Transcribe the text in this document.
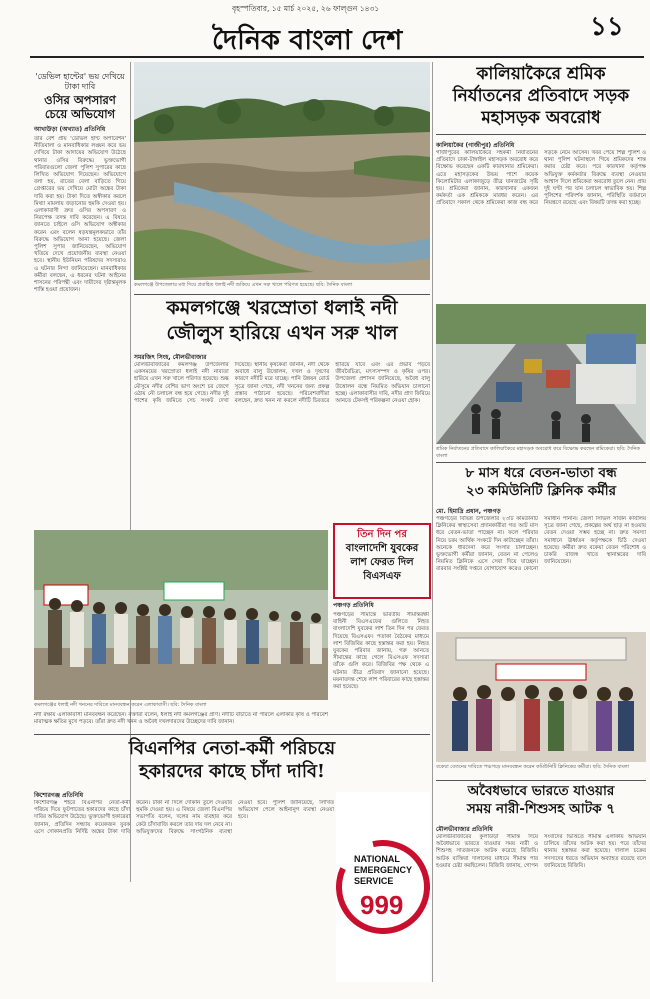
বৃহস্পতিবার, ১৫ মার্চ ২০২৫, ২৬ ফাল্গুন ১৪৩১
দৈনিক বাংলা দেশ	১১
'ডেভিল হান্টের' ভয় দেখিয়ে টাকা দাবি
ওসির অপসারণ চেয়ে অভিযোগ
আখাউড়া (অখ্যাত) প্রতিনিধি
তার বেশ প্রায় 'ডেভিল হান্ট অপারেশন' নীতিমালা ও মানবাধিকার লঙ্ঘন করে ভয় দেখিয়ে টাকা আদায়ের অভিযোগ উঠেছে থানার ওসির বিরুদ্ধে। ভুক্তভোগী পরিবারগুলো জেলা পুলিশ সুপারের কাছে লিখিত অভিযোগ দিয়েছেন। অভিযোগে বলা হয়, রাতের বেলা বাড়িতে গিয়ে গ্রেপ্তারের ভয় দেখিয়ে মোটা অঙ্কের টাকা দাবি করা হয়। টাকা দিতে অস্বীকার করলে মিথ্যা মামলায় জড়ানোর হুমকি দেওয়া হয়। এলাকাবাসী দ্রুত ওসির অপসারণ ও নিরপেক্ষ তদন্ত দাবি করেছেন। এ বিষয়ে জানতে চাইলে ওসি অভিযোগ অস্বীকার করেন এবং বলেন ষড়যন্ত্রমূলকভাবে তাঁর বিরুদ্ধে অভিযোগ আনা হয়েছে। জেলা পুলিশ সুপার জানিয়েছেন, অভিযোগ খতিয়ে দেখে প্রয়োজনীয় ব্যবস্থা নেওয়া হবে। স্থানীয় ইউনিয়ন পরিষদের সদস্যরাও এ ঘটনার নিন্দা জানিয়েছেন। মানবাধিকার কর্মীরা বলছেন, এ ধরনের ঘটনা আইনের শাসনের পরিপন্থী এবং দায়ীদের দৃষ্টান্তমূলক শাস্তি হওয়া প্রয়োজন।
কমলগঞ্জে উপজেলার মধ্য দিয়ে প্রবাহিত ধলাই নদী শুকিয়ে এখন সরু খালে পরিণত হয়েছে। ছবি: দৈনিক বাংলা
কমলগঞ্জে খরস্রোতা ধলাই নদী
জৌলুস হারিয়ে এখন সরু খাল
সমরজিৎ সিংহ, মৌলভীবাজার
মৌলভীবাজারের কমলগঞ্জ উপজেলার একসময়ের খরস্রোতা ধলাই নদী নাব্যতা হারিয়ে এখন সরু খালে পরিণত হয়েছে। শুষ্ক মৌসুমে নদীর বেশির ভাগ অংশে চর জেগে ওঠায় নৌ চলাচল বন্ধ হয়ে গেছে। নদীর দুই পাশের কৃষি জমিতে সেচ সংকট দেখা দিয়েছে। স্থানীয় কৃষকেরা জানান, নদী থেকে অবাধে বালু উত্তোলন, দখল ও দূষণের কারণে নদীটি মরে যাচ্ছে। পানি উন্নয়ন বোর্ড সূত্রে জানা গেছে, নদী খননের জন্য প্রকল্প প্রস্তাব পাঠানো হয়েছে। পরিবেশবাদীরা বলছেন, দ্রুত খনন না করলে নদীটি চিরতরে হারিয়ে যাবে এবং এর প্রভাব পড়বে জীববৈচিত্র্য, মৎস্যসম্পদ ও কৃষির ওপর। উপজেলা প্রশাসন জানিয়েছে, অবৈধ বালু উত্তোলন বন্ধে নিয়মিত অভিযান চালানো হচ্ছে। এলাকাবাসীর দাবি, নদীর প্রাণ ফিরিয়ে আনতে টেকসই পরিকল্পনা নেওয়া হোক।
তিন দিন পর
বাংলাদেশি যুবকের
লাশ ফেরত দিল
বিএসএফ
পঞ্চগড় প্রতিনিধি
পঞ্চগড়ের সীমান্তে ভারতীয় সীমান্তরক্ষী বাহিনী বিএসএফের গুলিতে নিহত বাংলাদেশি যুবকের লাশ তিন দিন পর ফেরত দিয়েছে বিএসএফ। পতাকা বৈঠকের মাধ্যমে লাশ বিজিবির কাছে হস্তান্তর করা হয়। নিহত যুবকের পরিবার জানায়, গরু আনতে সীমান্তের কাছে গেলে বিএসএফ সদস্যরা তাঁকে গুলি করে। বিজিবির পক্ষ থেকে এ ঘটনার তীব্র প্রতিবাদ জানানো হয়েছে। ময়নাতদন্ত শেষে লাশ পরিবারের কাছে হস্তান্তর করা হয়েছে।
কমলগঞ্জের ধলাই নদী খননের দাবিতে মানববন্ধন করেন এলাকাবাসী। ছবি: দৈনিক বাংলা
নদী রক্ষায় এলাকাবাসী মানববন্ধন করেছেন। বক্তারা বলেন, ধলাই নদী কমলগঞ্জের প্রাণ। নদীটি বাঁচাতে না পারলে এলাকার কৃষি ও পরিবেশ মারাত্মক ক্ষতির মুখে পড়বে। তাঁরা দ্রুত নদী খনন ও অবৈধ দখলদারদের উচ্ছেদের দাবি জানান।
বিএনপির নেতা-কর্মী পরিচয়ে
হকারদের কাছে চাঁদা দাবি!
কিশোরগঞ্জ প্রতিনিধি
কিশোরগঞ্জ শহরে বিএনপির নেতা-কর্মী পরিচয় দিয়ে ফুটপাতের হকারদের কাছে চাঁদা দাবির অভিযোগ উঠেছে। ভুক্তভোগী হকারেরা জানান, প্রতিদিন সন্ধ্যায় কয়েকজন যুবক এসে দোকানপ্রতি নির্দিষ্ট অঙ্কের টাকা দাবি করেন। টাকা না দিলে দোকান তুলে দেওয়ার হুমকি দেওয়া হয়। এ বিষয়ে জেলা বিএনপির সভাপতি বলেন, দলের নাম ব্যবহার করে কেউ চাঁদাবাজি করলে তার দায় দল নেবে না। অভিযুক্তদের বিরুদ্ধে সাংগঠনিক ব্যবস্থা নেওয়া হবে। পুলিশ জানিয়েছে, লিখিত অভিযোগ পেলে আইনানুগ ব্যবস্থা নেওয়া হবে।
NATIONAL
EMERGENCY
SERVICE
999
কালিয়াকৈরে শ্রমিক
নির্যাতনের প্রতিবাদে সড়ক
মহাসড়ক অবরোধ
কালিয়াকৈর (গাজীপুর) প্রতিনিধি
গাজীপুরের কালিয়াকৈরে সহকর্মী নির্যাতনের প্রতিবাদে ঢাকা-টাঙ্গাইল মহাসড়ক অবরোধ করে বিক্ষোভ করেছেন একটি কারখানার শ্রমিকেরা। এতে মহাসড়কের উভয় পাশে কয়েক কিলোমিটার এলাকাজুড়ে তীব্র যানজটের সৃষ্টি হয়। শ্রমিকেরা জানান, কারখানার একজন কর্মকর্তা এক শ্রমিককে মারধর করেন। এর প্রতিবাদে সকাল থেকে শ্রমিকেরা কাজ বন্ধ করে সড়কে নেমে আসেন। খবর পেয়ে শিল্প পুলিশ ও থানা পুলিশ ঘটনাস্থলে গিয়ে শ্রমিকদের শান্ত করার চেষ্টা করে। পরে কারখানা কর্তৃপক্ষ অভিযুক্ত কর্মকর্তার বিরুদ্ধে ব্যবস্থা নেওয়ার আশ্বাস দিলে শ্রমিকেরা অবরোধ তুলে নেন। প্রায় দুই ঘণ্টা পর যান চলাচল স্বাভাবিক হয়। শিল্প পুলিশের পরিদর্শক জানান, পরিস্থিতি বর্তমানে নিয়ন্ত্রণে রয়েছে এবং বিষয়টি তদন্ত করা হচ্ছে।
শ্রমিক নির্যাতনের প্রতিবাদে কালিয়াকৈরে মহাসড়ক অবরোধ করে বিক্ষোভ করছেন শ্রমিকেরা। ছবি: দৈনিক বাংলা
৮ মাস ধরে বেতন-ভাতা বন্ধ
২৩ কমিউনিটি ক্লিনিক কর্মীর
মো. হিমাদ্রি প্রধান, পঞ্চগড়
পঞ্চগড়ের বিভিন্ন উপজেলার ২৩টি কমিউনিটি ক্লিনিকের স্বাস্থ্যসেবা প্রদানকারীরা গত আট মাস ধরে বেতন-ভাতা পাচ্ছেন না। ফলে পরিবার নিয়ে চরম আর্থিক সংকটে দিন কাটাচ্ছেন তাঁরা। অনেকে ধারদেনা করে সংসার চালাচ্ছেন। ভুক্তভোগী কর্মীরা জানান, বেতন না পেলেও নিয়মিত ক্লিনিকে এসে সেবা দিয়ে যাচ্ছেন। বারবার সংশ্লিষ্ট দপ্তরে যোগাযোগ করেও কোনো সমাধান পাননি। জেলা সিভিল সার্জন কার্যালয় সূত্রে জানা গেছে, প্রকল্পের অর্থ ছাড় না হওয়ায় বেতন দেওয়া সম্ভব হচ্ছে না। দ্রুত সমস্যা সমাধানে ঊর্ধ্বতন কর্তৃপক্ষকে চিঠি দেওয়া হয়েছে। কর্মীরা দ্রুত বকেয়া বেতন পরিশোধ ও চাকরি রাজস্ব খাতে স্থানান্তরের দাবি জানিয়েছেন।
বকেয়া বেতনের দাবিতে পঞ্চগড়ে মানববন্ধন করেন কমিউনিটি ক্লিনিকের কর্মীরা। ছবি: দৈনিক বাংলা
অবৈধভাবে ভারতে যাওয়ার
সময় নারী-শিশুসহ আটক ৭
মৌলভীবাজার প্রতিনিধি
মৌলভীবাজারের কুলাউড়া সীমান্ত দিয়ে অবৈধভাবে ভারতে যাওয়ার সময় নারী ও শিশুসহ সাতজনকে আটক করেছে বিজিবি। আটক ব্যক্তিরা দালালের মাধ্যমে সীমান্ত পার হওয়ার চেষ্টা করছিলেন। বিজিবি জানায়, গোপন সংবাদের ভিত্তিতে সীমান্ত এলাকায় অভিযান চালিয়ে তাঁদের আটক করা হয়। পরে তাঁদের থানায় হস্তান্তর করা হয়েছে। দালাল চক্রের সদস্যদের ধরতে অভিযান অব্যাহত রয়েছে বলে জানিয়েছে বিজিবি।
